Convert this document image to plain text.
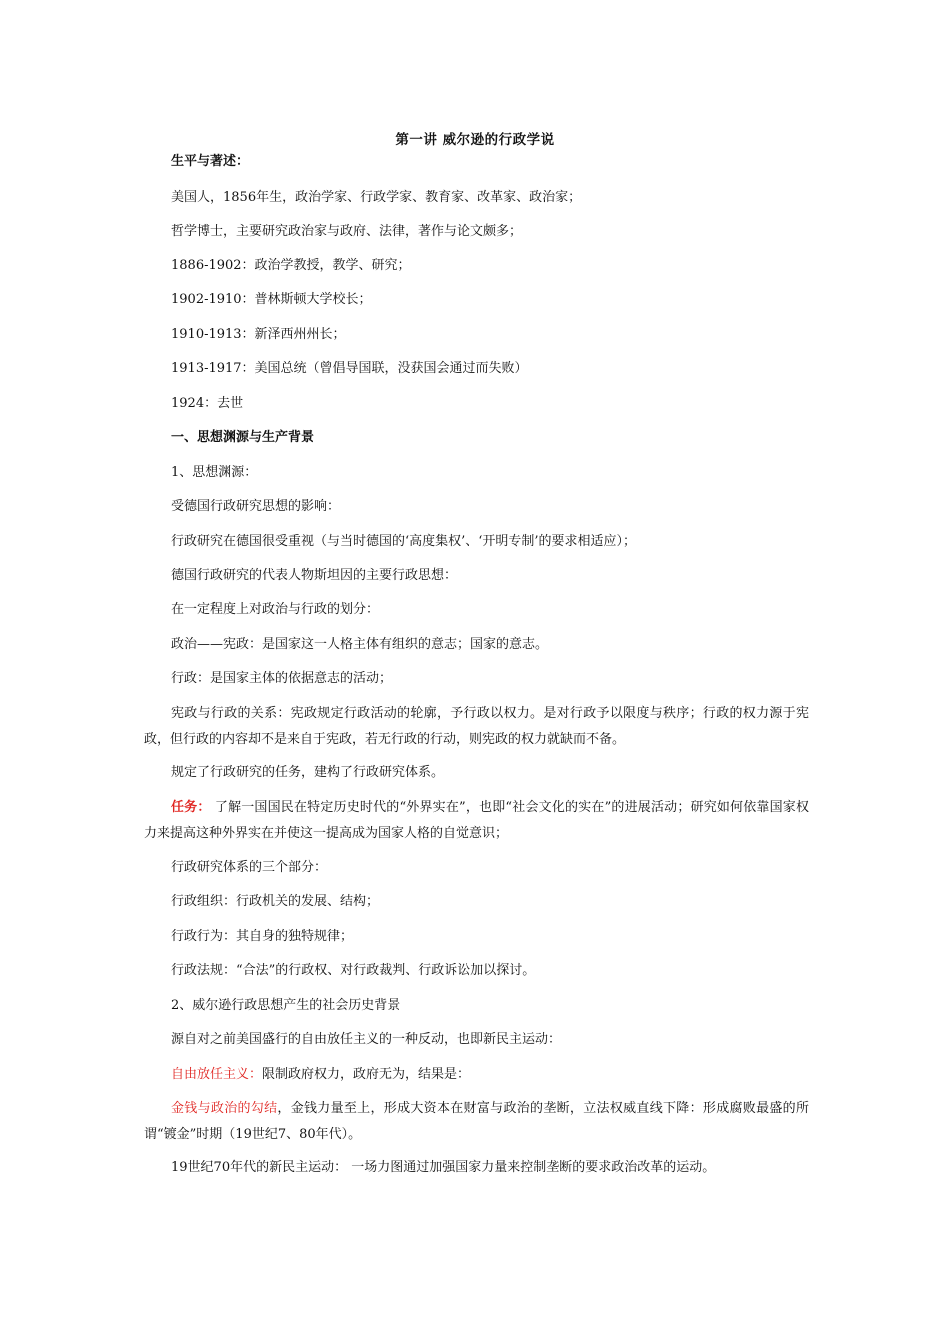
第一讲 威尔逊的行政学说
生平与著述：
美国人，1856年生，政治学家、行政学家、教育家、改革家、政治家；
哲学博士，主要研究政治家与政府、法律，著作与论文颇多；
1886-1902：政治学教授，教学、研究；
1902-1910：普林斯顿大学校长；
1910-1913：新泽西州州长；
1913-1917：美国总统（曾倡导国联，没获国会通过而失败）
1924：去世
一、思想渊源与生产背景
1、思想渊源：
受德国行政研究思想的影响：
行政研究在德国很受重视（与当时德国的‘高度集权’、‘开明专制’的要求相适应）；
德国行政研究的代表人物斯坦因的主要行政思想：
在一定程度上对政治与行政的划分：
政治——宪政：是国家这一人格主体有组织的意志；国家的意志。
行政：是国家主体的依据意志的活动；
宪政与行政的关系：宪政规定行政活动的轮廓，予行政以权力。是对行政予以限度与秩序；行政的权力源于宪政，但行政的内容却不是来自于宪政，若无行政的行动，则宪政的权力就缺而不备。
规定了行政研究的任务，建构了行政研究体系。
任务： 了解一国国民在特定历史时代的“外界实在”，也即“社会文化的实在”的进展活动；研究如何依靠国家权力来提高这种外界实在并使这一提高成为国家人格的自觉意识；
行政研究体系的三个部分：
行政组织：行政机关的发展、结构；
行政行为：其自身的独特规律；
行政法规：“合法”的行政权、对行政裁判、行政诉讼加以探讨。
2、威尔逊行政思想产生的社会历史背景
源自对之前美国盛行的自由放任主义的一种反动，也即新民主运动：
自由放任主义：限制政府权力，政府无为，结果是：
金钱与政治的勾结，金钱力量至上，形成大资本在财富与政治的垄断，立法权威直线下降：形成腐败最盛的所谓“镀金”时期（19世纪7、80年代）。
19世纪70年代的新民主运动： 一场力图通过加强国家力量来控制垄断的要求政治改革的运动。
